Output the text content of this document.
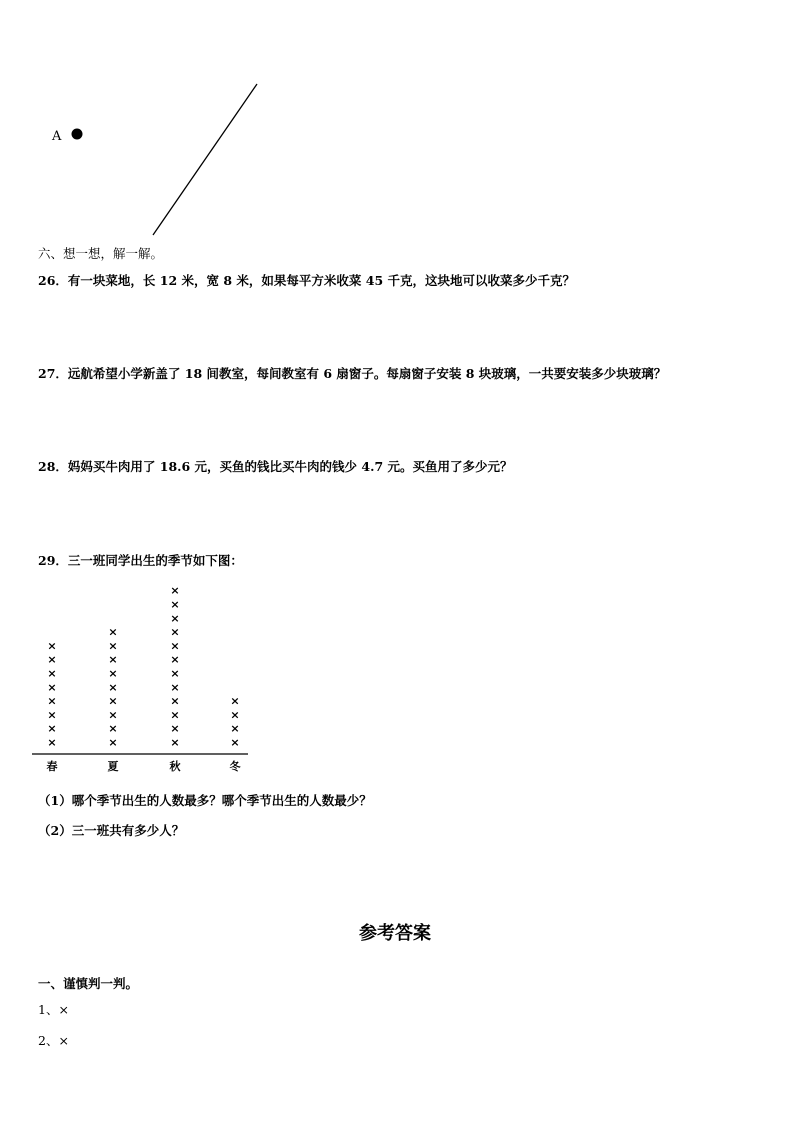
A
六、想一想，解一解。
26．有一块菜地，长 12 米，宽 8 米，如果每平方米收菜 45 千克，这块地可以收菜多少千克？
27．远航希望小学新盖了 18 间教室，每间教室有 6 扇窗子。每扇窗子安装 8 块玻璃，一共要安装多少块玻璃？
28．妈妈买牛肉用了 18.6 元，买鱼的钱比买牛肉的钱少 4.7 元。买鱼用了多少元？
29．三一班同学出生的季节如下图：
×
×
×
×
×
×
×
×
×
×
×
×
×
×
×
×
×
×
×
×
×
×
×
×
×
×
×
×
×
×
×
×
×
春	夏	秋	冬
（1）哪个季节出生的人数最多？哪个季节出生的人数最少？
（2）三一班共有多少人？
参考答案
一、谨慎判一判。
1、×
2、×
